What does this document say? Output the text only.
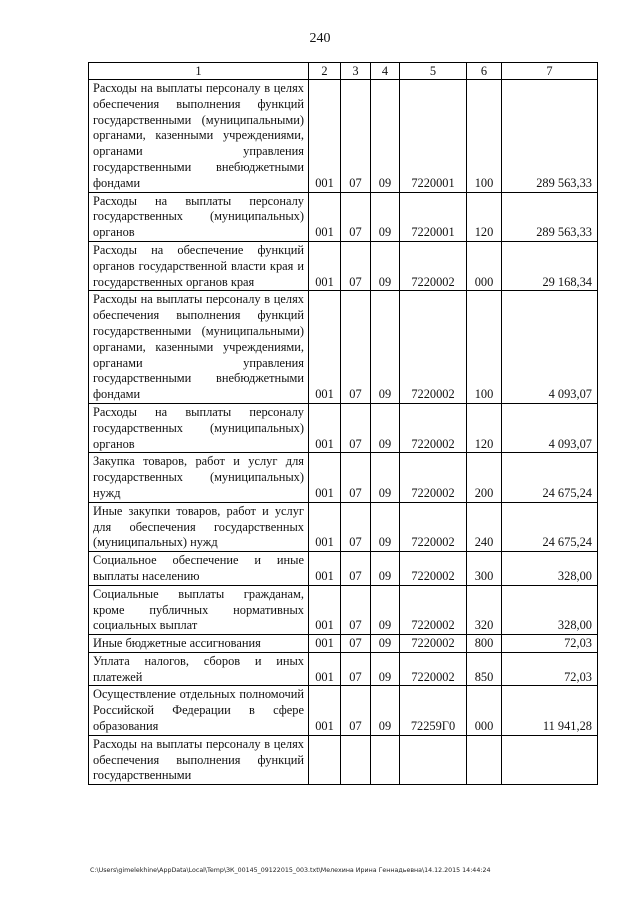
240
1	2	3	4	5	6	7
Расходы на выплаты персоналу в целях обеспечения выполнения функций государственными (муниципальными) органами, казенными учреждениями, органами управления государственными внебюджетными фондами	001	07	09	7220001	100	289 563,33
Расходы на выплаты персоналу государственных (муниципальных) органов	001	07	09	7220001	120	289 563,33
Расходы на обеспечение функций органов государственной власти края и государственных органов края	001	07	09	7220002	000	29 168,34
Расходы на выплаты персоналу в целях обеспечения выполнения функций государственными (муниципальными) органами, казенными учреждениями, органами управления государственными внебюджетными фондами	001	07	09	7220002	100	4 093,07
Расходы на выплаты персоналу государственных (муниципальных) органов	001	07	09	7220002	120	4 093,07
Закупка товаров, работ и услуг для государственных (муниципальных) нужд	001	07	09	7220002	200	24 675,24
Иные закупки товаров, работ и услуг для обеспечения государственных (муниципальных) нужд	001	07	09	7220002	240	24 675,24
Социальное обеспечение и иные выплаты населению	001	07	09	7220002	300	328,00
Социальные выплаты гражданам, кроме публичных нормативных социальных выплат	001	07	09	7220002	320	328,00
Иные бюджетные ассигнования	001	07	09	7220002	800	72,03
Уплата налогов, сборов и иных платежей	001	07	09	7220002	850	72,03
Осуществление отдельных полномочий Российской Федерации в сфере образования	001	07	09	72259Г0	000	11 941,28
Расходы на выплаты персоналу в целях обеспечения выполнения функций государственными						
C:\Users\gimelekhine\AppData\Local\Temp\ЗК_00145_09122015_003.txt\Мелехина Ирина Геннадьевна\14.12.2015 14:44:24
